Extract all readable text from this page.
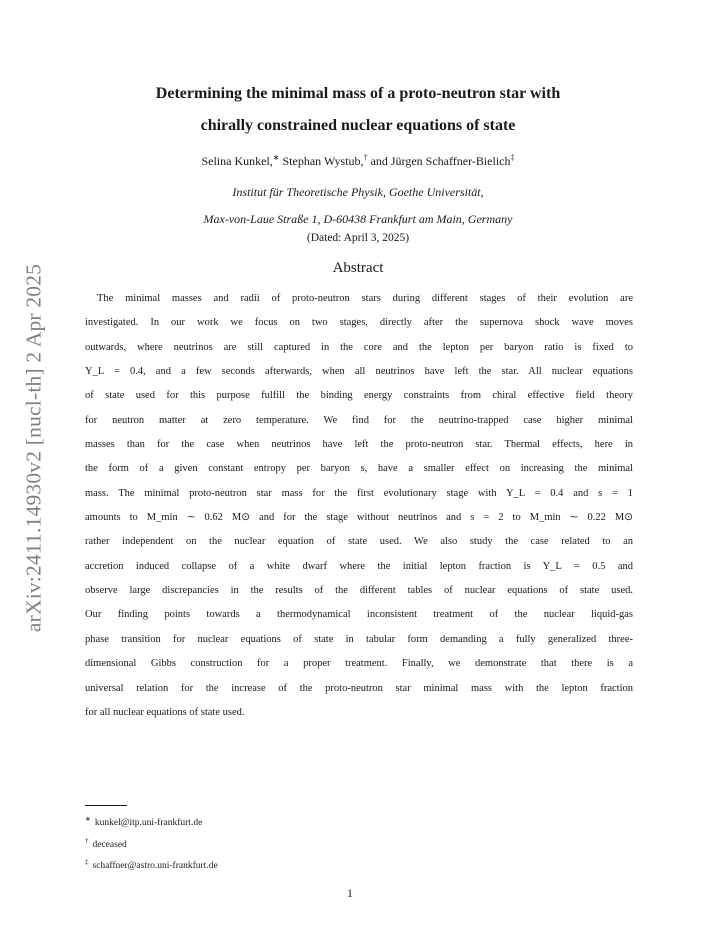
arXiv:2411.14930v2 [nucl-th] 2 Apr 2025
Determining the minimal mass of a proto-neutron star with
chirally constrained nuclear equations of state
Selina Kunkel,∗ Stephan Wystub,† and Jürgen Schaffner-Bielich‡
Institut für Theoretische Physik, Goethe Universität,
Max-von-Laue Straße 1, D-60438 Frankfurt am Main, Germany
(Dated: April 3, 2025)
Abstract
The minimal masses and radii of proto-neutron stars during different stages of their evolution are
investigated. In our work we focus on two stages, directly after the supernova shock wave moves
outwards, where neutrinos are still captured in the core and the lepton per baryon ratio is fixed to
Y_L = 0.4, and a few seconds afterwards, when all neutrinos have left the star. All nuclear equations
of state used for this purpose fulfill the binding energy constraints from chiral effective field theory
for neutron matter at zero temperature. We find for the neutrino-trapped case higher minimal
masses than for the case when neutrinos have left the proto-neutron star. Thermal effects, here in
the form of a given constant entropy per baryon s, have a smaller effect on increasing the minimal
mass. The minimal proto-neutron star mass for the first evolutionary stage with Y_L = 0.4 and s = 1
amounts to M_min ∼ 0.62 M⊙ and for the stage without neutrinos and s = 2 to M_min ∼ 0.22 M⊙
rather independent on the nuclear equation of state used. We also study the case related to an
accretion induced collapse of a white dwarf where the initial lepton fraction is Y_L = 0.5 and
observe large discrepancies in the results of the different tables of nuclear equations of state used.
Our finding points towards a thermodynamical inconsistent treatment of the nuclear liquid-gas
phase transition for nuclear equations of state in tabular form demanding a fully generalized three-
dimensional Gibbs construction for a proper treatment. Finally, we demonstrate that there is a
universal relation for the increase of the proto-neutron star minimal mass with the lepton fraction
for all nuclear equations of state used.
∗ kunkel@itp.uni-frankfurt.de
† deceased
‡ schaffner@astro.uni-frankfurt.de
1
